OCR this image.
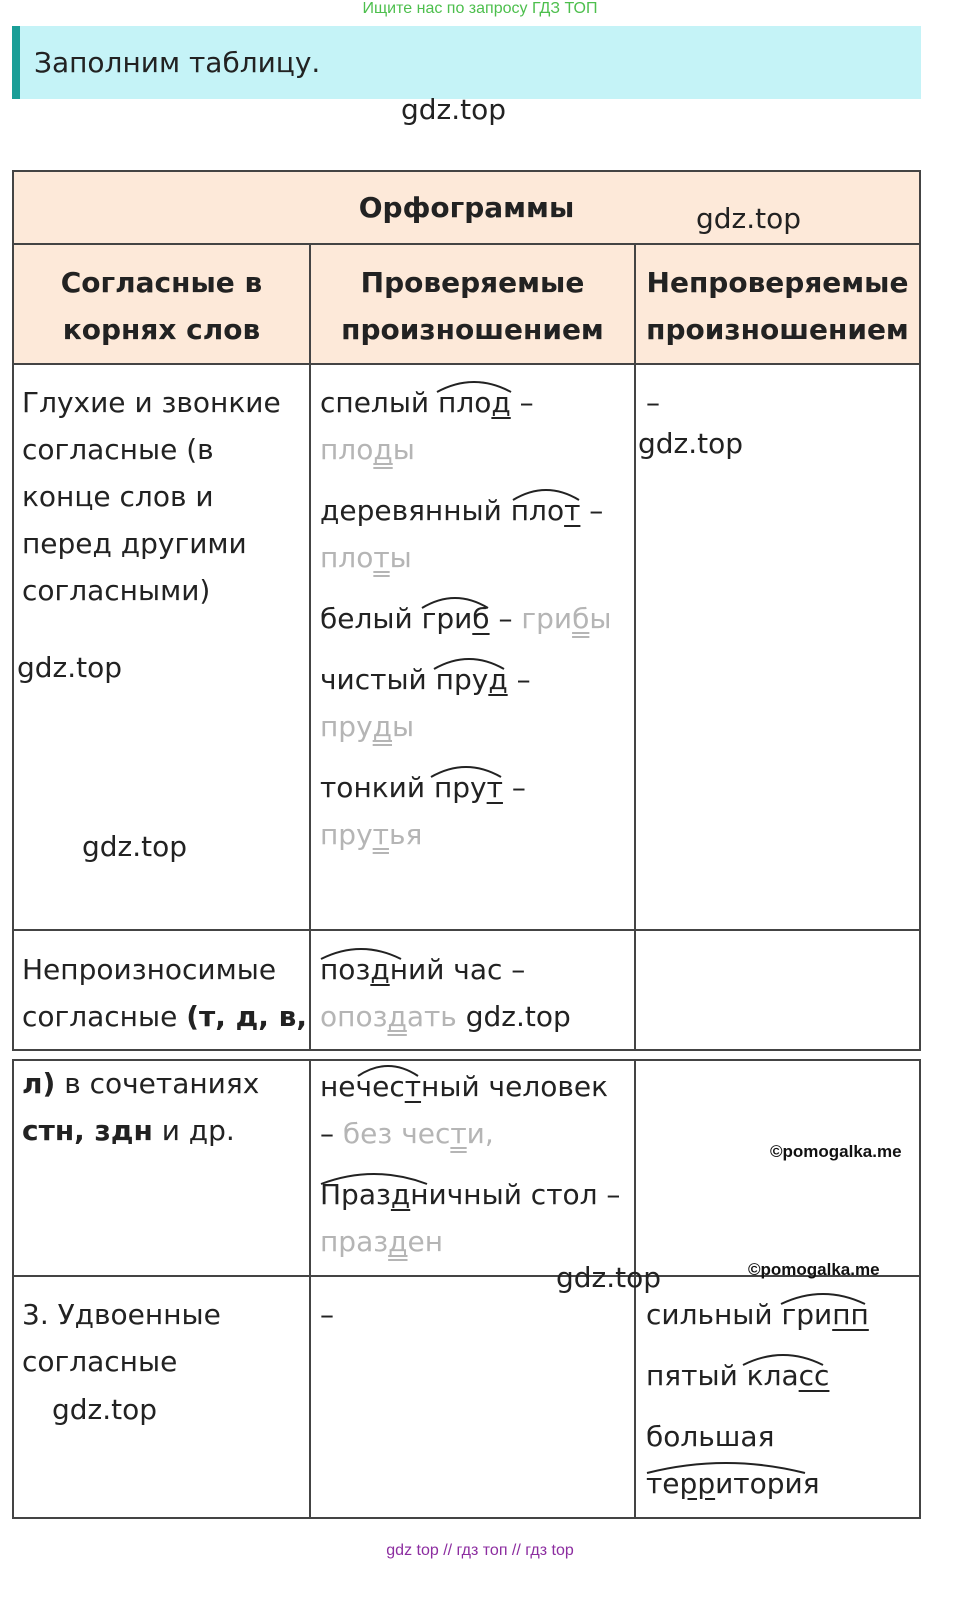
Ищите нас по запросу ГДЗ ТОП
Заполним таблицу.
gdz.top
Орфограммы	gdz.top
Согласные в
корнях слов
Проверяемые
произношением
Непроверяемые
произношением
Глухие и звонкие
согласные (в
конце слов и
перед другими
согласными)
gdz.top
gdz.top
спелый плод –
плоды
деревянный плот –
плоты
белый гриб – грибы
чистый пруд –
пруды
тонкий прут –
прутья
–
gdz.top
Непроизносимые
согласные (т, д, в,
л) в сочетаниях
стн, здн и др.
поздний час –
опоздать gdz.top
нечестный человек
– без чести,
Праздничный стол –
празден
©pomogalka.me
©pomogalka.me
gdz.top
3. Удвоенные
согласные
gdz.top
–	сильный грипп
пятый класс
большая
территория
gdz top // гдз топ // гдз top
